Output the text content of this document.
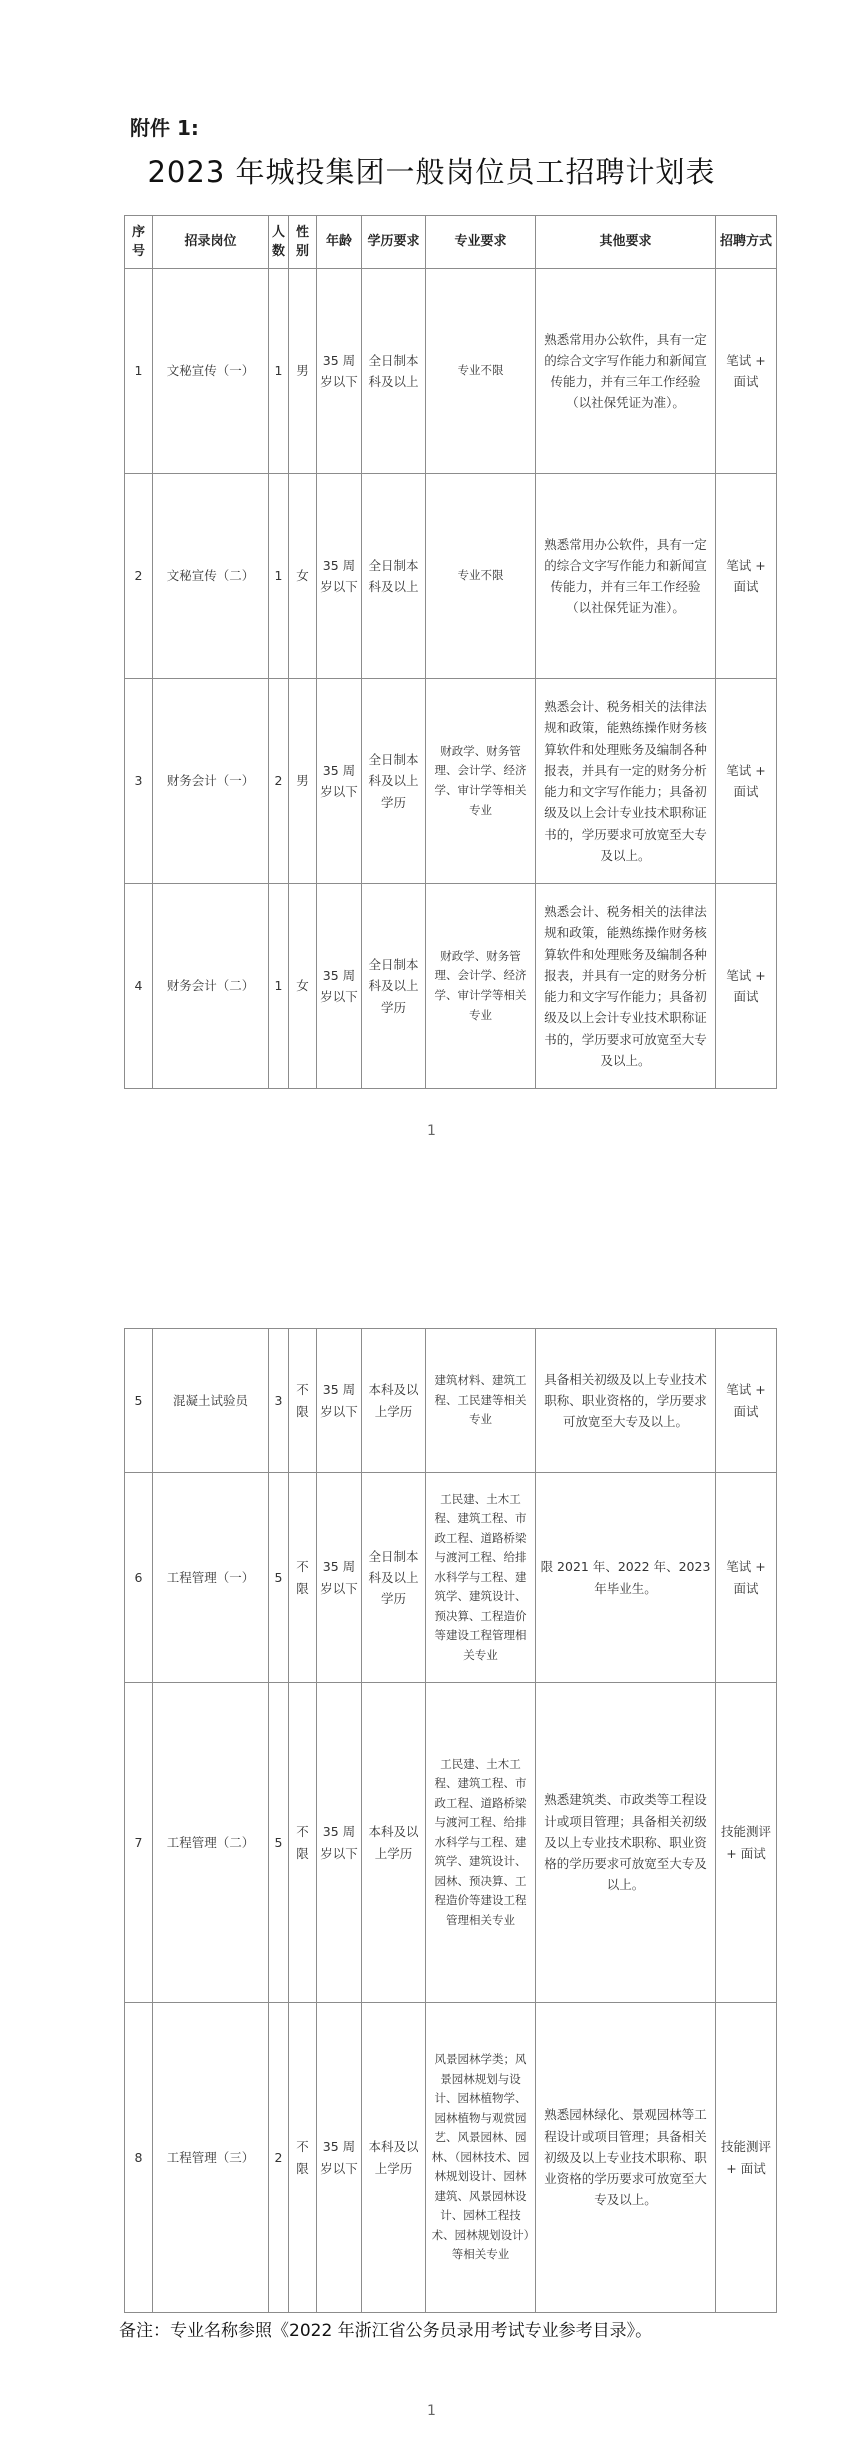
附件 1:
2023 年城投集团一般岗位员工招聘计划表
序号	招录岗位	人数	性别	年龄	学历要求	专业要求	其他要求	招聘方式
1	文秘宣传（一）	1	男	35 周岁以下	全日制本科及以上	专业不限	熟悉常用办公软件，具有一定的综合文字写作能力和新闻宣传能力，并有三年工作经验（以社保凭证为准）。	笔试 + 面试
2	文秘宣传（二）	1	女	35 周岁以下	全日制本科及以上	专业不限	熟悉常用办公软件，具有一定的综合文字写作能力和新闻宣传能力，并有三年工作经验（以社保凭证为准）。	笔试 + 面试
3	财务会计（一）	2	男	35 周岁以下	全日制本科及以上学历	财政学、财务管理、会计学、经济学、审计学等相关专业	熟悉会计、税务相关的法律法规和政策，能熟练操作财务核算软件和处理账务及编制各种报表，并具有一定的财务分析能力和文字写作能力；具备初级及以上会计专业技术职称证书的，学历要求可放宽至大专及以上。	笔试 + 面试
4	财务会计（二）	1	女	35 周岁以下	全日制本科及以上学历	财政学、财务管理、会计学、经济学、审计学等相关专业	熟悉会计、税务相关的法律法规和政策，能熟练操作财务核算软件和处理账务及编制各种报表，并具有一定的财务分析能力和文字写作能力；具备初级及以上会计专业技术职称证书的，学历要求可放宽至大专及以上。	笔试 + 面试
1
5	混凝土试验员	3	不限	35 周岁以下	本科及以上学历	建筑材料、建筑工程、工民建等相关专业	具备相关初级及以上专业技术职称、职业资格的，学历要求可放宽至大专及以上。	笔试 + 面试
6	工程管理（一）	5	不限	35 周岁以下	全日制本科及以上学历	工民建、土木工程、建筑工程、市政工程、道路桥梁与渡河工程、给排水科学与工程、建筑学、建筑设计、预决算、工程造价等建设工程管理相关专业	限 2021 年、2022 年、2023 年毕业生。	笔试 + 面试
7	工程管理（二）	5	不限	35 周岁以下	本科及以上学历	工民建、土木工程、建筑工程、市政工程、道路桥梁与渡河工程、给排水科学与工程、建筑学、建筑设计、园林、预决算、工程造价等建设工程管理相关专业	熟悉建筑类、市政类等工程设计或项目管理；具备相关初级及以上专业技术职称、职业资格的学历要求可放宽至大专及以上。	技能测评 + 面试
8	工程管理（三）	2	不限	35 周岁以下	本科及以上学历	风景园林学类；风景园林规划与设计、园林植物学、园林植物与观赏园艺、风景园林、园林、（园林技术、园林规划设计、园林建筑、风景园林设计、园林工程技术、园林规划设计）等相关专业	熟悉园林绿化、景观园林等工程设计或项目管理；具备相关初级及以上专业技术职称、职业资格的学历要求可放宽至大专及以上。	技能测评 + 面试
备注：专业名称参照《2022 年浙江省公务员录用考试专业参考目录》。
1
